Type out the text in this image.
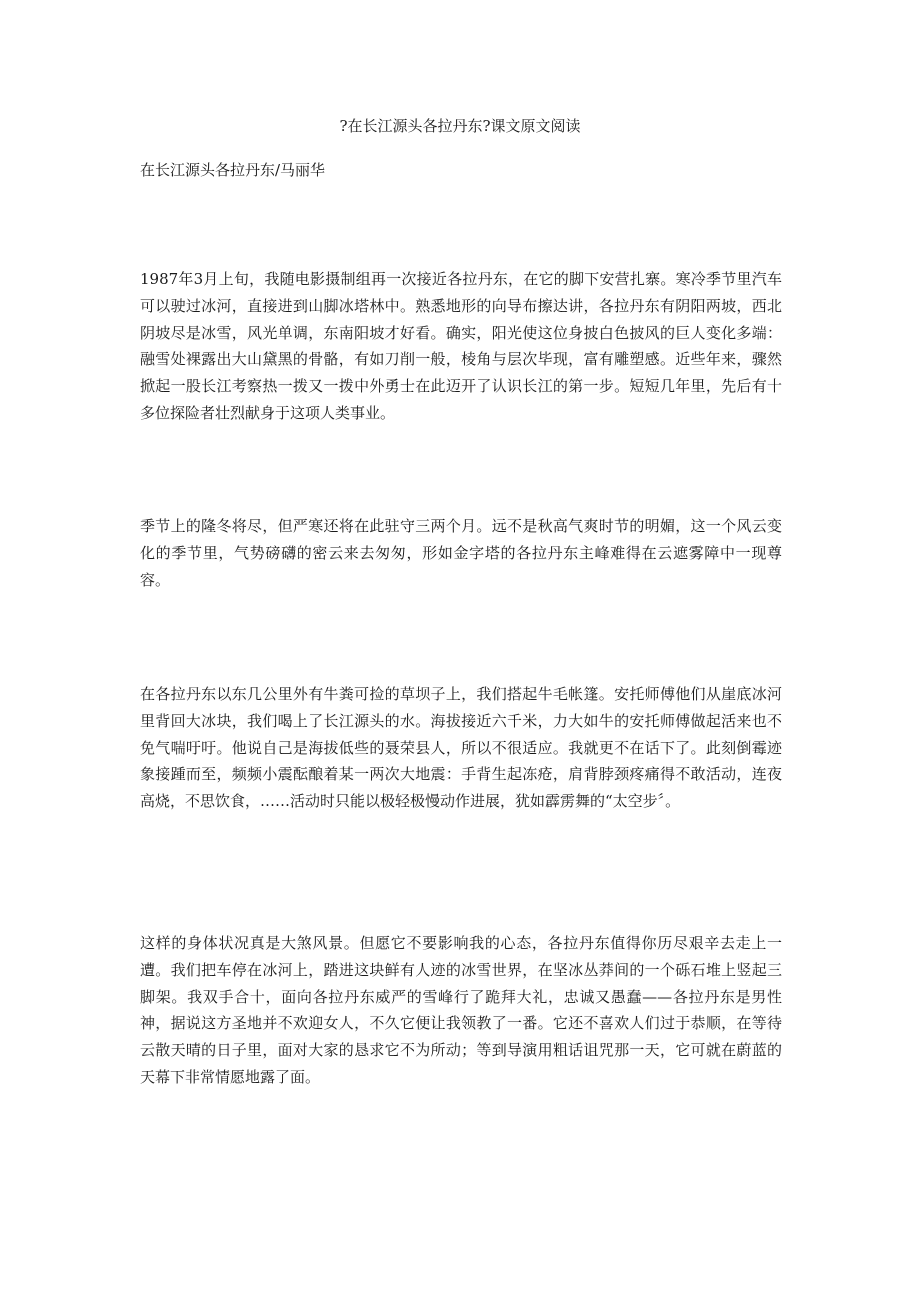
?在长江源头各拉丹东?课文原文阅读

在长江源头各拉丹东/马丽华

1987年3月上旬，我随电影摄制组再一次接近各拉丹东，在它的脚下安营扎寨。寒冷季节里汽车可以驶过冰河，直接进到山脚冰塔林中。熟悉地形的向导布擦达讲，各拉丹东有阴阳两坡，西北阴坡尽是冰雪，风光单调，东南阳坡才好看。确实，阳光使这位身披白色披风的巨人变化多端：融雪处裸露出大山黛黑的骨骼，有如刀削一般，棱角与层次毕现，富有雕塑感。近些年来，骤然掀起一股长江考察热一拨又一拨中外勇士在此迈开了认识长江的第一步。短短几年里，先后有十多位探险者壮烈献身于这项人类事业。

季节上的隆冬将尽，但严寒还将在此驻守三两个月。远不是秋高气爽时节的明媚，这一个风云变化的季节里，气势磅礴的密云来去匆匆，形如金字塔的各拉丹东主峰难得在云遮雾障中一现尊容。

在各拉丹东以东几公里外有牛粪可捡的草坝子上，我们搭起牛毛帐篷。安托师傅他们从崖底冰河里背回大冰块，我们喝上了长江源头的水。海拔接近六千米，力大如牛的安托师傅做起活来也不免气喘吁吁。他说自己是海拔低些的聂荣县人，所以不很适应。我就更不在话下了。此刻倒霉迹象接踵而至，频频小震酝酿着某一两次大地震：手背生起冻疮，肩背脖颈疼痛得不敢活动，连夜高烧，不思饮食，……活动时只能以极轻极慢动作进展，犹如霹雳舞的“太空步〞。

这样的身体状况真是大煞风景。但愿它不要影响我的心态，各拉丹东值得你历尽艰辛去走上一遭。我们把车停在冰河上，踏进这块鲜有人迹的冰雪世界，在坚冰丛莽间的一个砾石堆上竖起三脚架。我双手合十，面向各拉丹东威严的雪峰行了跪拜大礼，忠诚又愚蠢——各拉丹东是男性神，据说这方圣地并不欢迎女人，不久它便让我领教了一番。它还不喜欢人们过于恭顺，在等待云散天晴的日子里，面对大家的恳求它不为所动；等到导演用粗话诅咒那一天，它可就在蔚蓝的天幕下非常情愿地露了面。
